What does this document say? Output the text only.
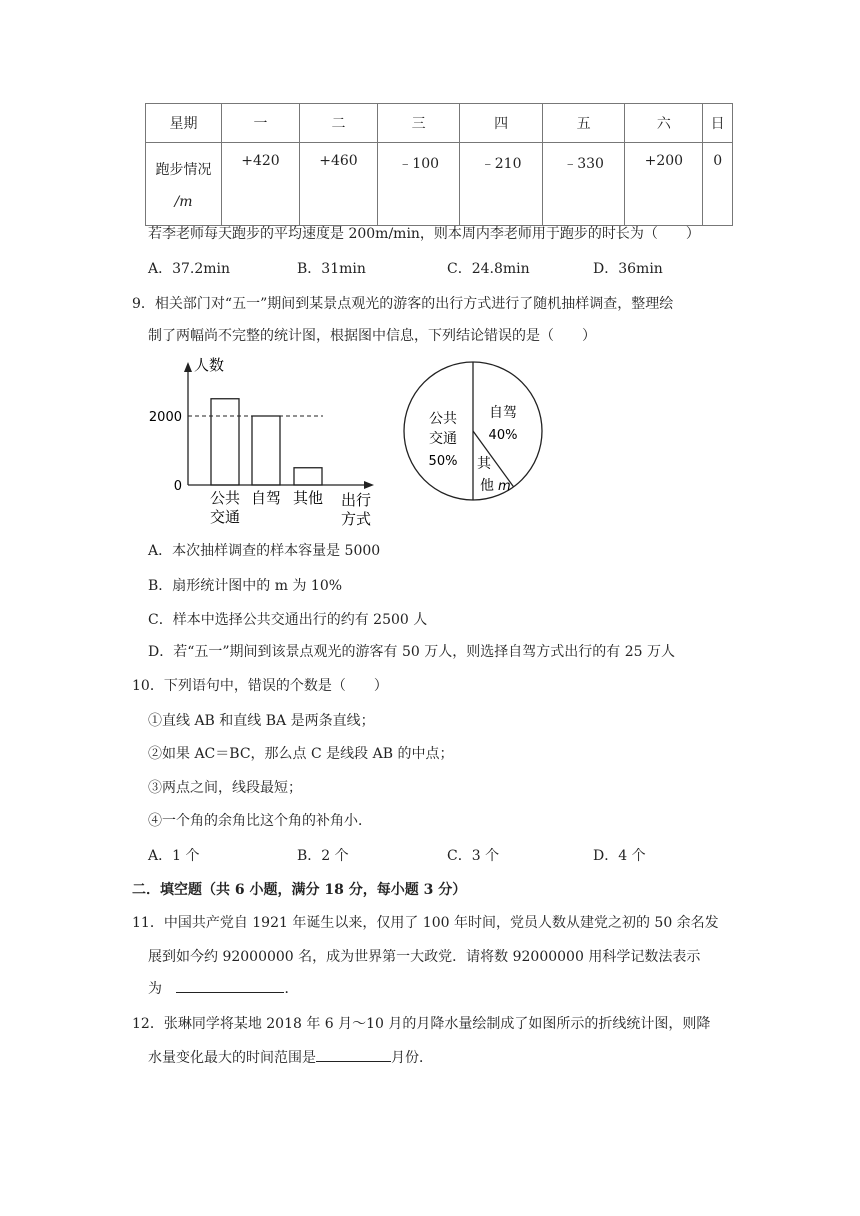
星期	一	二	三	四	五	六	日

跑步情况
/m	+420	+460	﹣100	﹣210	﹣330	+200	0
若李老师每天跑步的平均速度是 200m/min，则本周内李老师用于跑步的时长为（　　）
A．37.2min	B．31min	C．24.8min	D．36min
9．相关部门对“五一”期间到某景点观光的游客的出行方式进行了随机抽样调查，整理绘
制了两幅尚不完整的统计图，根据图中信息，下列结论错误的是（　　）
人数
0
2000
公共
交通
自驾 其他 出行
方式
公共
交通
50%
自驾
40%
其
他 m
A．本次抽样调查的样本容量是 5000
B．扇形统计图中的 m 为 10%
C．样本中选择公共交通出行的约有 2500 人
D．若“五一”期间到该景点观光的游客有 50 万人，则选择自驾方式出行的有 25 万人
10．下列语句中，错误的个数是（　　）
①直线 AB 和直线 BA 是两条直线；
②如果 AC＝BC，那么点 C 是线段 AB 的中点；
③两点之间，线段最短；
④一个角的余角比这个角的补角小．
A．1 个	B．2 个	C．3 个	D．4 个
二．填空题（共 6 小题，满分 18 分，每小题 3 分）
11．中国共产党自 1921 年诞生以来，仅用了 100 年时间，党员人数从建党之初的 50 余名发
展到如今约 92000000 名，成为世界第一大政党．请将数 92000000 用科学记数法表示
为	．
12．张琳同学将某地 2018 年 6 月～10 月的月降水量绘制成了如图所示的折线统计图，则降
水量变化最大的时间范围是	月份．
